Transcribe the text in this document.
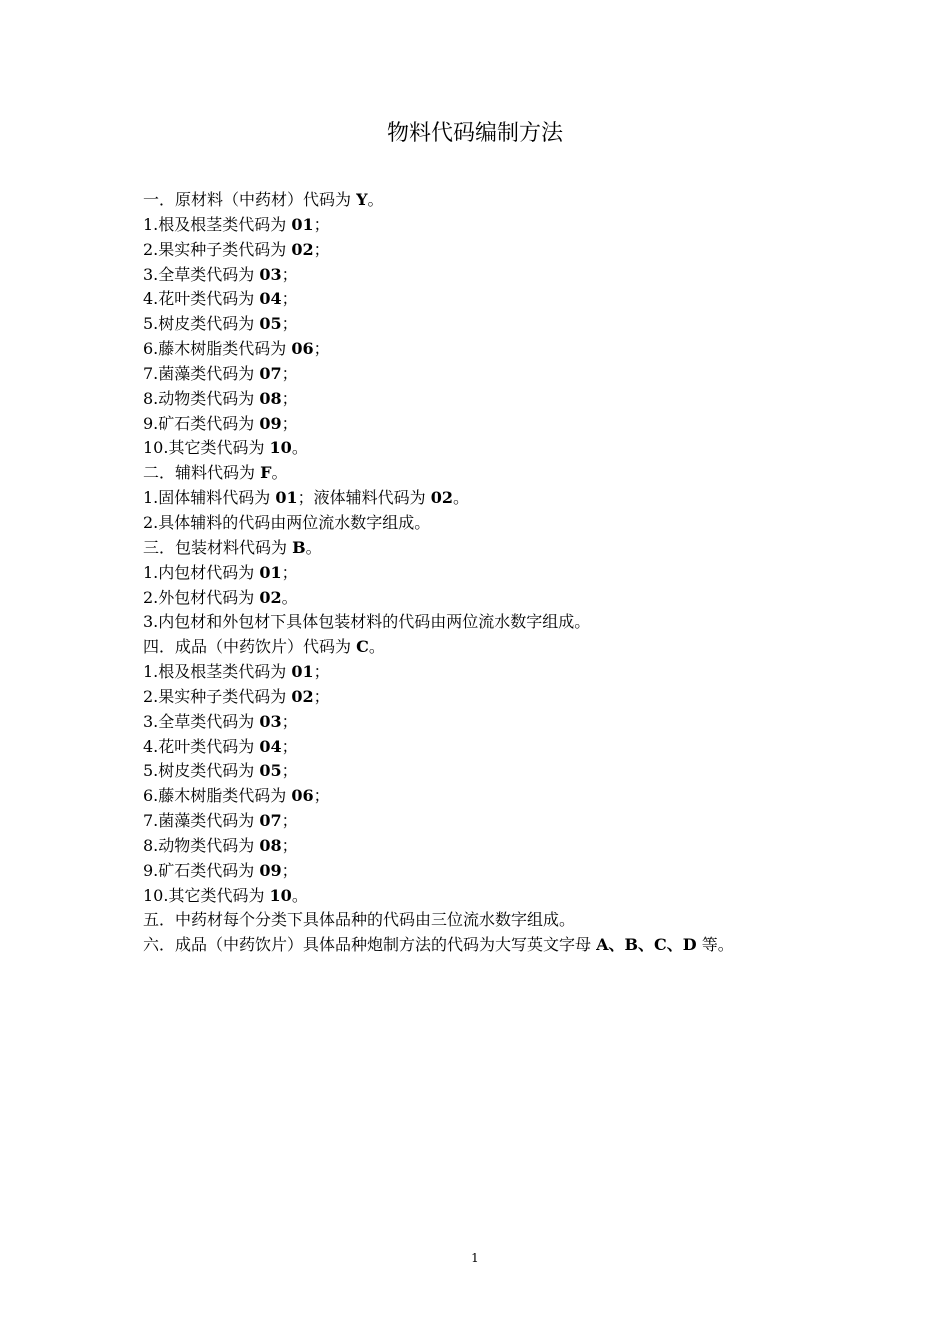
物料代码编制方法

一．原材料（中药材）代码为 Y。

1.根及根茎类代码为 01；

2.果实种子类代码为 02；

3.全草类代码为 03；

4.花叶类代码为 04；

5.树皮类代码为 05；

6.藤木树脂类代码为 06；

7.菌藻类代码为 07；

8.动物类代码为 08；

9.矿石类代码为 09；

10.其它类代码为 10。

二．辅料代码为 F。

1.固体辅料代码为 01；液体辅料代码为 02。

2.具体辅料的代码由两位流水数字组成。

三．包装材料代码为 B。

1.内包材代码为 01；

2.外包材代码为 02。

3.内包材和外包材下具体包装材料的代码由两位流水数字组成。

四．成品（中药饮片）代码为 C。

1.根及根茎类代码为 01；

2.果实种子类代码为 02；

3.全草类代码为 03；

4.花叶类代码为 04；

5.树皮类代码为 05；

6.藤木树脂类代码为 06；

7.菌藻类代码为 07；

8.动物类代码为 08；

9.矿石类代码为 09；

10.其它类代码为 10。

五．中药材每个分类下具体品种的代码由三位流水数字组成。

六．成品（中药饮片）具体品种炮制方法的代码为大写英文字母 A、B、C、D 等。

1
